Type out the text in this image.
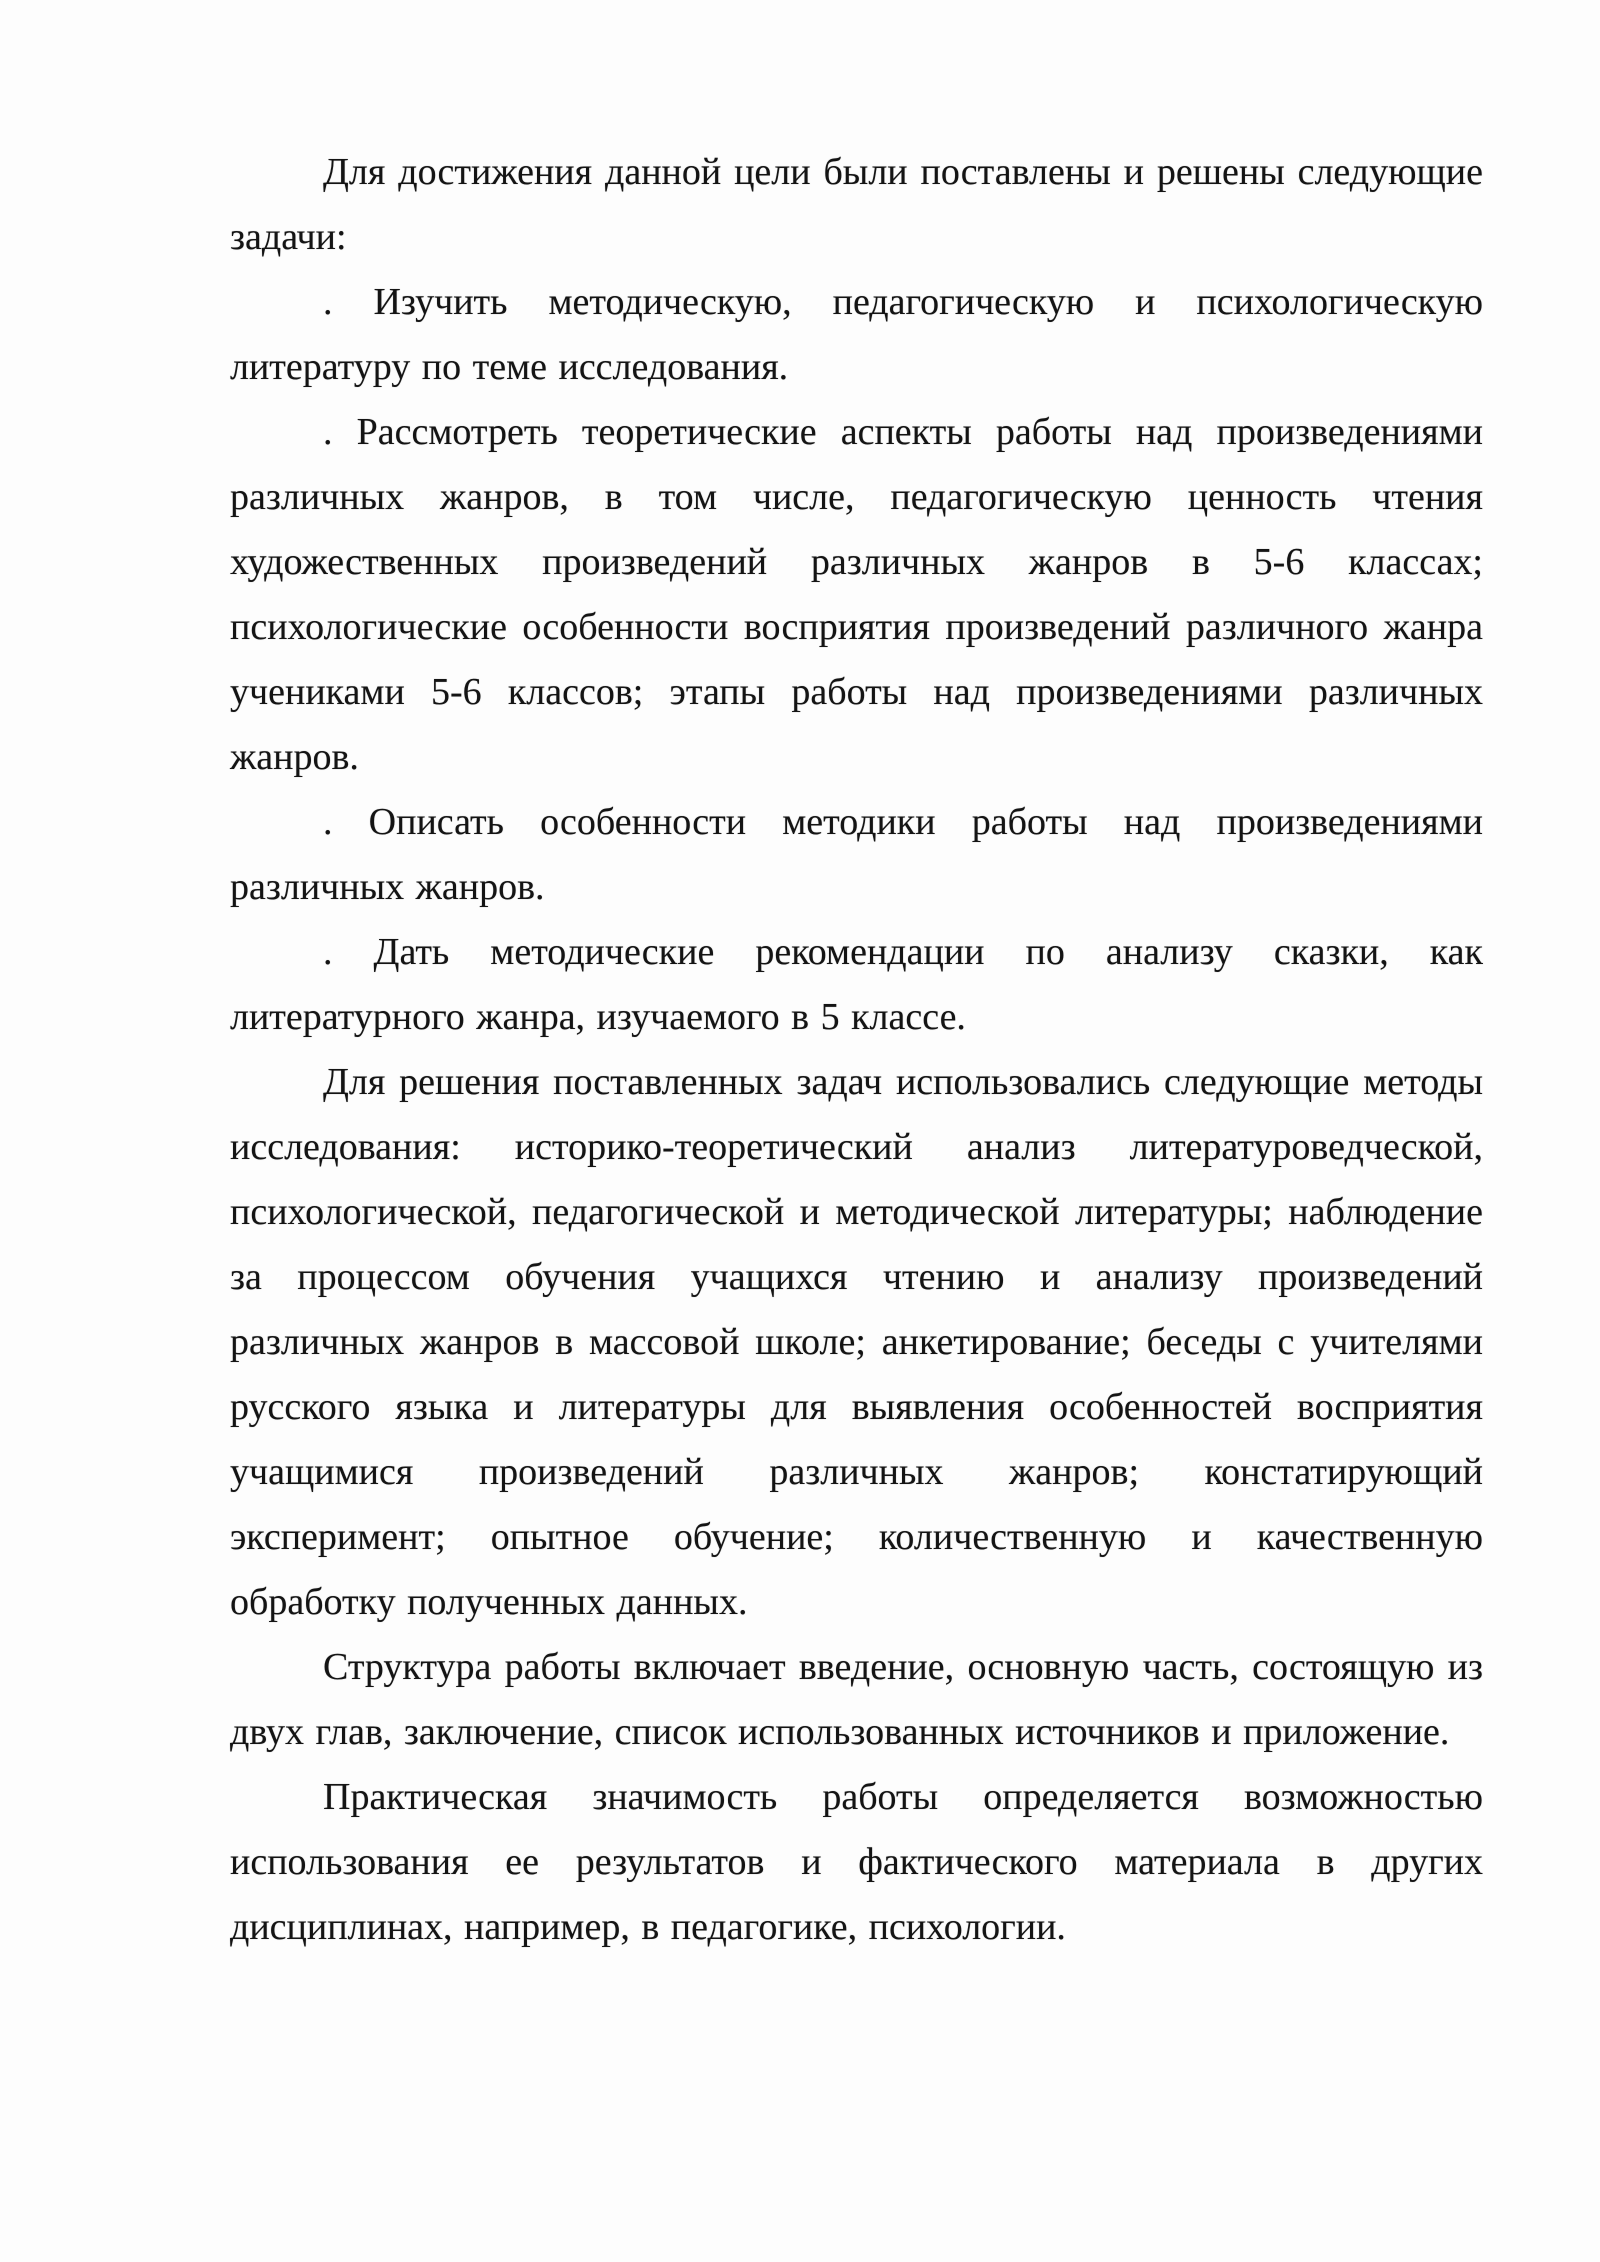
Для достижения данной цели были поставлены и решены следующие задачи:

. Изучить методическую, педагогическую и психологическую литературу по теме исследования.

. Рассмотреть теоретические аспекты работы над произведениями различных жанров, в том числе, педагогическую ценность чтения художественных произведений различных жанров в 5-6 классах; психологические особенности восприятия произведений различного жанра учениками 5-6 классов; этапы работы над произведениями различных жанров.

. Описать особенности методики работы над произведениями различных жанров.

. Дать методические рекомендации по анализу сказки, как литературного жанра, изучаемого в 5 классе.

Для решения поставленных задач использовались следующие методы исследования: историко-теоретический анализ литературоведческой, психологической, педагогической и методической литературы; наблюдение за процессом обучения учащихся чтению и анализу произведений различных жанров в массовой школе; анкетирование; беседы с учителями русского языка и литературы для выявления особенностей восприятия учащимися произведений различных жанров; констатирующий эксперимент; опытное обучение; количественную и качественную обработку полученных данных.

Структура работы включает введение, основную часть, состоящую из двух глав, заключение, список использованных источников и приложение.

Практическая значимость работы определяется возможностью использования ее результатов и фактического материала в других дисциплинах, например, в педагогике, психологии.
